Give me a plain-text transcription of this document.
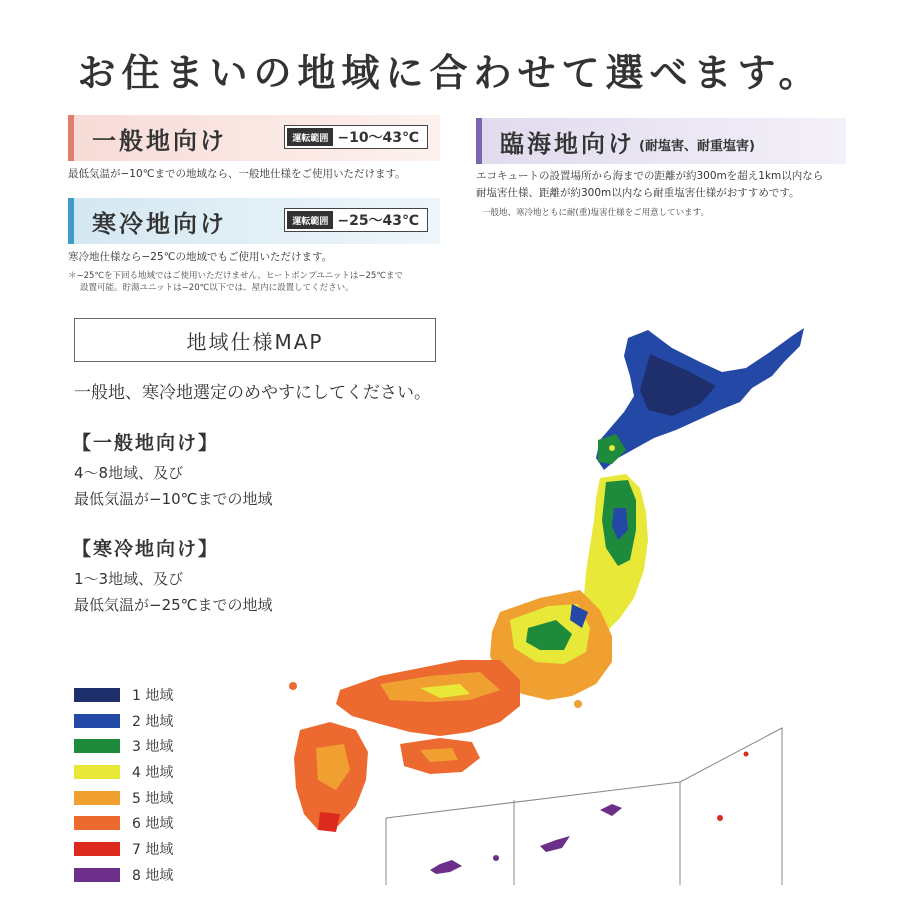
お住まいの地域に合わせて選べます。
一般地向け	運転範囲 −10〜43℃
最低気温が−10℃までの地域なら、一般地仕様をご使用いただけます。
寒冷地向け	運転範囲 −25〜43℃
寒冷地仕様なら−25℃の地域でもご使用いただけます。
＊−25℃を下回る地域ではご使用いただけません。ヒートポンプユニットは−25℃まで
設置可能。貯湯ユニットは−20℃以下では、屋内に設置してください。
臨海地向け (耐塩害、耐重塩害)
エコキュートの設置場所から海までの距離が約300mを超え1km以内なら
耐塩害仕様、距離が約300m以内なら耐重塩害仕様がおすすめです。
一般地、寒冷地ともに耐(重)塩害仕様をご用意しています。
地域仕様MAP
一般地、寒冷地選定のめやすにしてください。
【一般地向け】
4〜8地域、及び
最低気温が−10℃までの地域
【寒冷地向け】
1〜3地域、及び
最低気温が−25℃までの地域
1 地域
2 地域
3 地域
4 地域
5 地域
6 地域
7 地域
8 地域
